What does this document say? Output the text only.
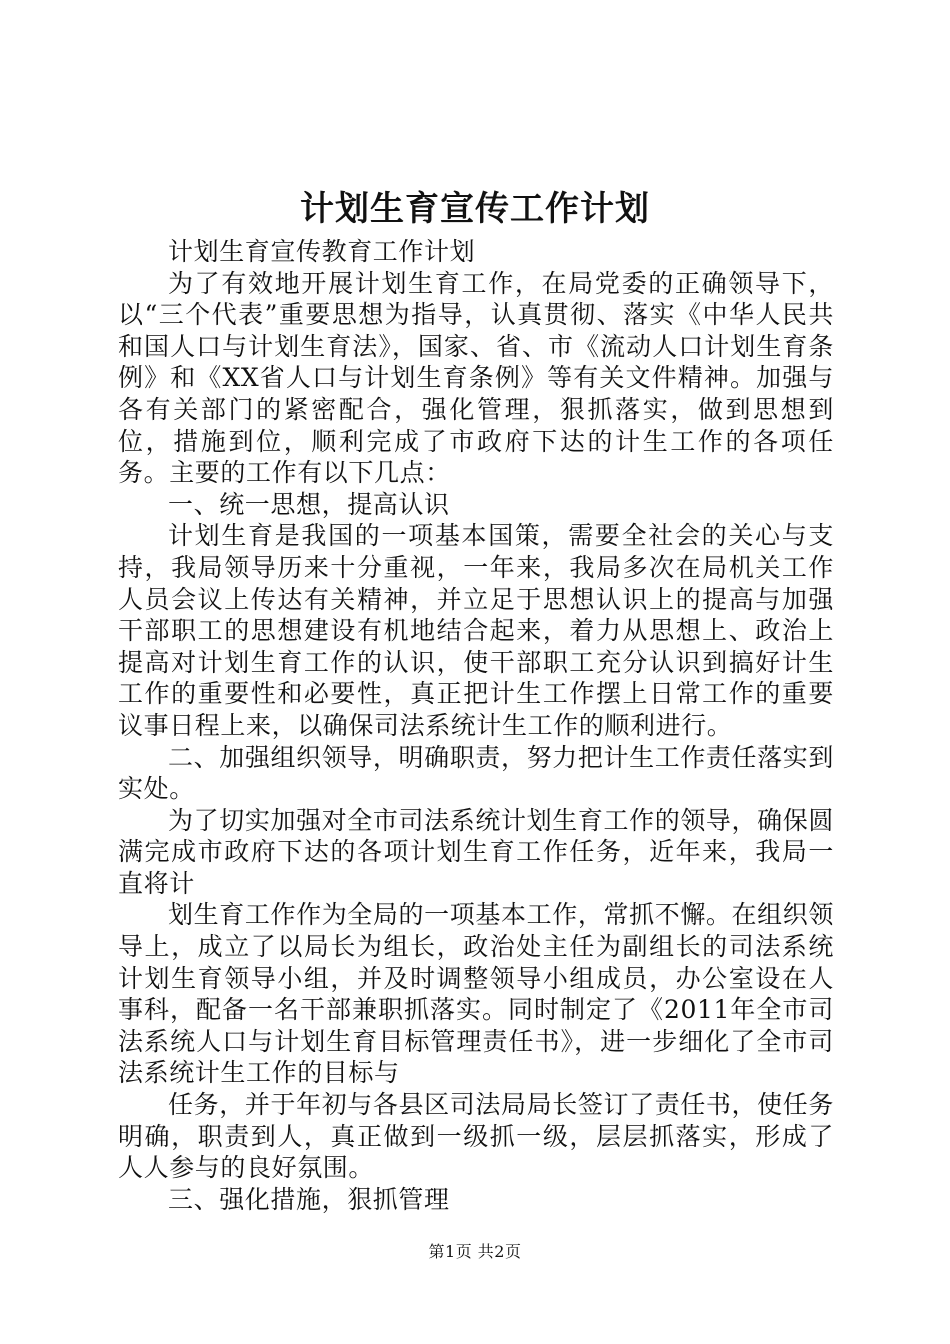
计划生育宣传工作计划

计划生育宣传教育工作计划

为了有效地开展计划生育工作，在局党委的正确领导下，以“三个代表”重要思想为指导，认真贯彻、落实《中华人民共和国人口与计划生育法》，国家、省、市《流动人口计划生育条例》和《XX省人口与计划生育条例》等有关文件精神。加强与各有关部门的紧密配合，强化管理，狠抓落实，做到思想到位，措施到位，顺利完成了市政府下达的计生工作的各项任务。主要的工作有以下几点：

一、统一思想，提高认识

计划生育是我国的一项基本国策，需要全社会的关心与支持，我局领导历来十分重视，一年来，我局多次在局机关工作人员会议上传达有关精神，并立足于思想认识上的提高与加强干部职工的思想建设有机地结合起来，着力从思想上、政治上提高对计划生育工作的认识，使干部职工充分认识到搞好计生工作的重要性和必要性，真正把计生工作摆上日常工作的重要议事日程上来，以确保司法系统计生工作的顺利进行。

二、加强组织领导，明确职责，努力把计生工作责任落实到实处。

为了切实加强对全市司法系统计划生育工作的领导，确保圆满完成市政府下达的各项计划生育工作任务，近年来，我局一直将计

划生育工作作为全局的一项基本工作，常抓不懈。在组织领导上，成立了以局长为组长，政治处主任为副组长的司法系统计划生育领导小组，并及时调整领导小组成员，办公室设在人事科，配备一名干部兼职抓落实。同时制定了《2011年全市司法系统人口与计划生育目标管理责任书》，进一步细化了全市司法系统计生工作的目标与

任务，并于年初与各县区司法局局长签订了责任书，使任务明确，职责到人，真正做到一级抓一级，层层抓落实，形成了人人参与的良好氛围。

三、强化措施，狠抓管理

第1页 共2页
